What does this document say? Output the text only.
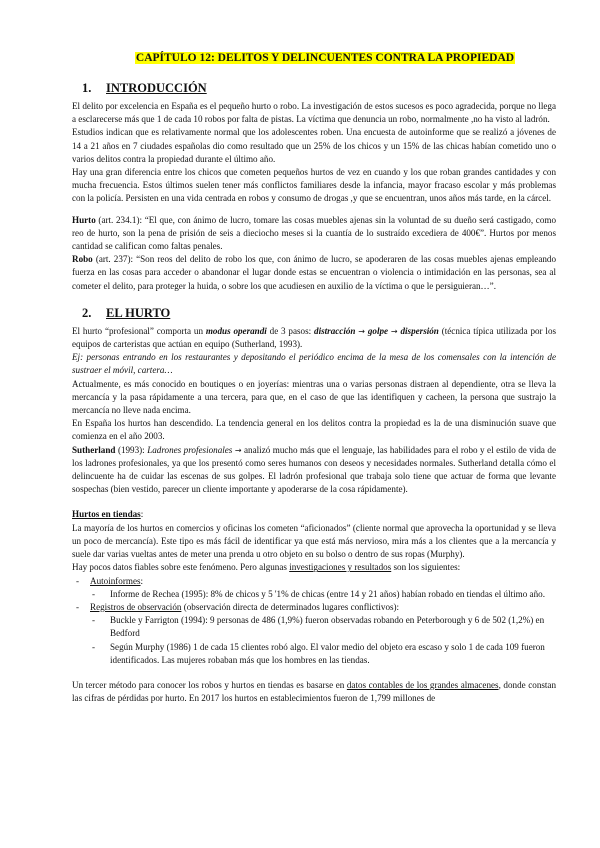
CAPÍTULO 12: DELITOS Y DELINCUENTES CONTRA LA PROPIEDAD
1. INTRODUCCIÓN

El delito por excelencia en España es el pequeño hurto o robo. La investigación de estos sucesos es poco agradecida, porque no llega a esclarecerse más que 1 de cada 10 robos por falta de pistas. La víctima que denuncia un robo, normalmente ,no ha visto al ladrón.

Estudios indican que es relativamente normal que los adolescentes roben. Una encuesta de autoinforme que se realizó a jóvenes de 14 a 21 años en 7 ciudades españolas dio como resultado que un 25% de los chicos y un 15% de las chicas habían cometido uno o varios delitos contra la propiedad durante el último año.

Hay una gran diferencia entre los chicos que cometen pequeños hurtos de vez en cuando y los que roban grandes cantidades y con mucha frecuencia. Estos últimos suelen tener más conflictos familiares desde la infancia, mayor fracaso escolar y más problemas con la policía. Persisten en una vida centrada en robos y consumo de drogas ,y que se encuentran, unos años más tarde, en la cárcel.

Hurto (art. 234.1): “El que, con ánimo de lucro, tomare las cosas muebles ajenas sin la voluntad de su dueño será castigado, como reo de hurto, son la pena de prisión de seis a dieciocho meses si la cuantía de lo sustraído excediera de 400€”. Hurtos por menos cantidad se califican como faltas penales.

Robo (art. 237): “Son reos del delito de robo los que, con ánimo de lucro, se apoderaren de las cosas muebles ajenas empleando fuerza en las cosas para acceder o abandonar el lugar donde estas se encuentran o violencia o intimidación en las personas, sea al cometer el delito, para proteger la huida, o sobre los que acudiesen en auxilio de la víctima o que le persiguieran…”.

2. EL HURTO

El hurto “profesional” comporta un modus operandi de 3 pasos: distracción → golpe → dispersión (técnica típica utilizada por los equipos de carteristas que actúan en equipo (Sutherland, 1993).

Ej: personas entrando en los restaurantes y depositando el periódico encima de la mesa de los comensales con la intención de sustraer el móvil, cartera…

Actualmente, es más conocido en boutiques o en joyerías: mientras una o varias personas distraen al dependiente, otra se lleva la mercancía y la pasa rápidamente a una tercera, para que, en el caso de que las identifiquen y cacheen, la persona que sustrajo la mercancía no lleve nada encima.

En España los hurtos han descendido. La tendencia general en los delitos contra la propiedad es la de una disminución suave que comienza en el año 2003.

Sutherland (1993): Ladrones profesionales → analizó mucho más que el lenguaje, las habilidades para el robo y el estilo de vida de los ladrones profesionales, ya que los presentó como seres humanos con deseos y necesidades normales. Sutherland detalla cómo el delincuente ha de cuidar las escenas de sus golpes. El ladrón profesional que trabaja solo tiene que actuar de forma que levante sospechas (bien vestido, parecer un cliente importante y apoderarse de la cosa rápidamente).

Hurtos en tiendas:

La mayoría de los hurtos en comercios y oficinas los cometen “aficionados” (cliente normal que aprovecha la oportunidad y se lleva un poco de mercancía). Este tipo es más fácil de identificar ya que está más nervioso, mira más a los clientes que a la mercancía y suele dar varias vueltas antes de meter una prenda u otro objeto en su bolso o dentro de sus ropas (Murphy).

Hay pocos datos fiables sobre este fenómeno. Pero algunas investigaciones y resultados son los siguientes:

- Autoinformes:
- Informe de Rechea (1995): 8% de chicos y 5 '1% de chicas (entre 14 y 21 años) habían robado en tiendas el último año.
- Registros de observación (observación directa de determinados lugares conflictivos):
- Buckle y Farrigton (1994): 9 personas de 486 (1,9%) fueron observadas robando en Peterborough y 6 de 502 (1,2%) en Bedford
- Según Murphy (1986) 1 de cada 15 clientes robó algo. El valor medio del objeto era escaso y solo 1 de cada 109 fueron identificados. Las mujeres robaban más que los hombres en las tiendas.

Un tercer método para conocer los robos y hurtos en tiendas es basarse en datos contables de los grandes almacenes, donde constan las cifras de pérdidas por hurto. En 2017 los hurtos en establecimientos fueron de 1,799 millones de
